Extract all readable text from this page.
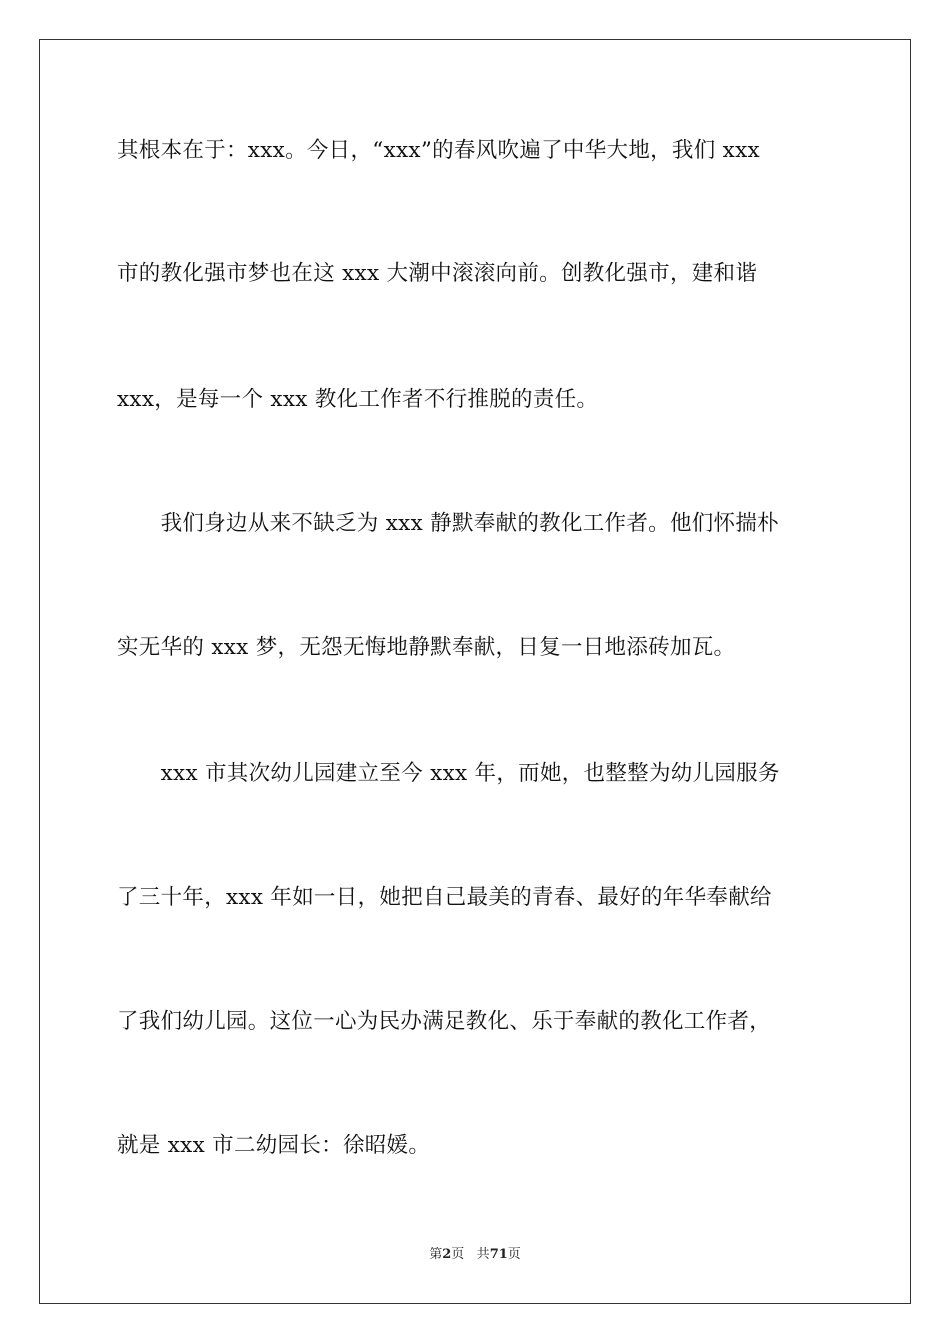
其根本在于：xxx。今日，“xxx”的春风吹遍了中华大地，我们 xxx
市的教化强市梦也在这 xxx 大潮中滚滚向前。创教化强市，建和谐
xxx，是每一个 xxx 教化工作者不行推脱的责任。
　　我们身边从来不缺乏为 xxx 静默奉献的教化工作者。他们怀揣朴
实无华的 xxx 梦，无怨无悔地静默奉献，日复一日地添砖加瓦。
　　xxx 市其次幼儿园建立至今 xxx 年，而她，也整整为幼儿园服务
了三十年，xxx 年如一日，她把自己最美的青春、最好的年华奉献给
了我们幼儿园。这位一心为民办满足教化、乐于奉献的教化工作者，
就是 xxx 市二幼园长：徐昭媛。
第2页 共71页
